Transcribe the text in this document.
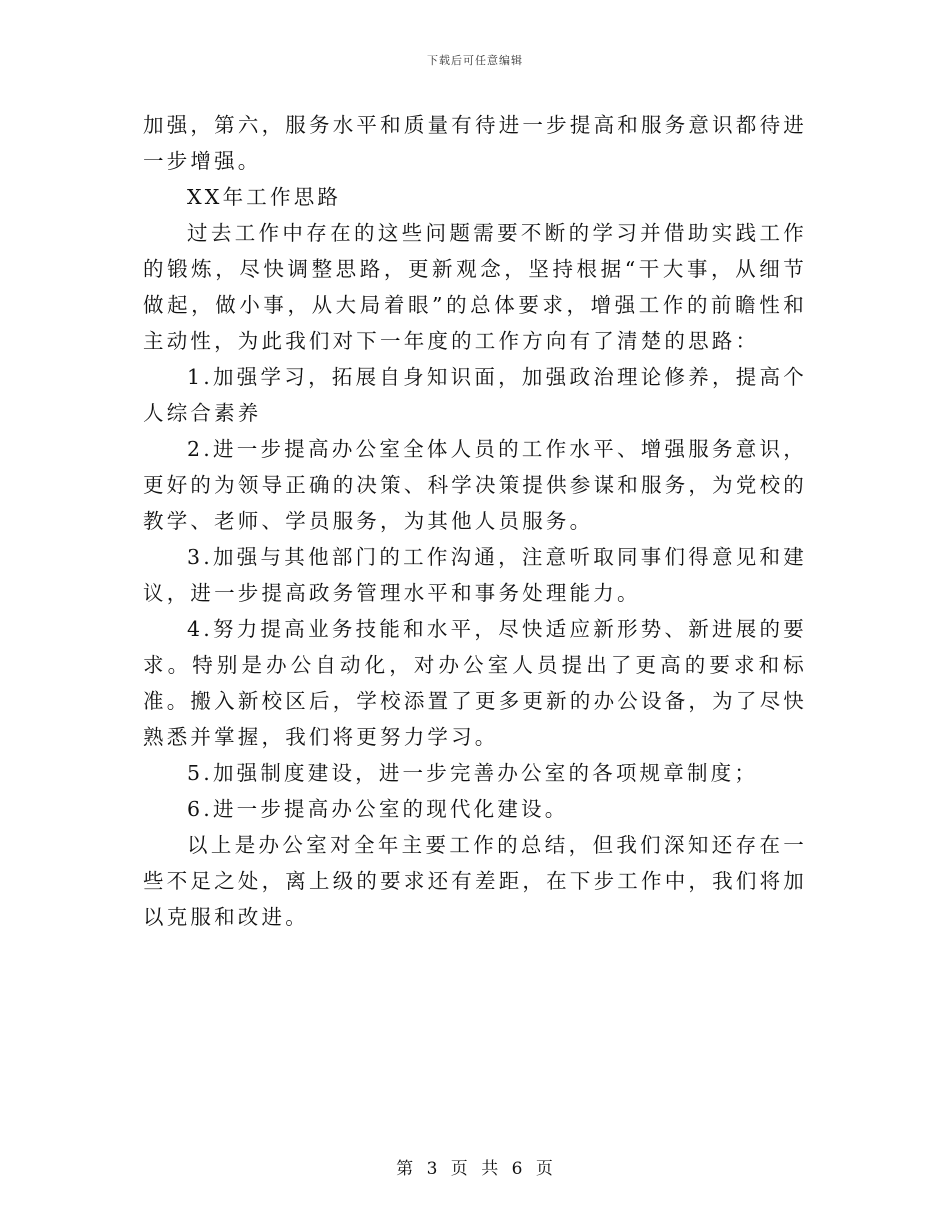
下载后可任意编辑

加强，第六，服务水平和质量有待进一步提高和服务意识都待进一步增强。

XX年工作思路

过去工作中存在的这些问题需要不断的学习并借助实践工作的锻炼，尽快调整思路，更新观念，坚持根据“干大事，从细节做起，做小事，从大局着眼”的总体要求，增强工作的前瞻性和主动性，为此我们对下一年度的工作方向有了清楚的思路：

1.加强学习，拓展自身知识面，加强政治理论修养，提高个人综合素养

2.进一步提高办公室全体人员的工作水平、增强服务意识，更好的为领导正确的决策、科学决策提供参谋和服务，为党校的教学、老师、学员服务，为其他人员服务。

3.加强与其他部门的工作沟通，注意听取同事们得意见和建议，进一步提高政务管理水平和事务处理能力。

4.努力提高业务技能和水平，尽快适应新形势、新进展的要求。特别是办公自动化，对办公室人员提出了更高的要求和标准。搬入新校区后，学校添置了更多更新的办公设备，为了尽快熟悉并掌握，我们将更努力学习。

5.加强制度建设，进一步完善办公室的各项规章制度；

6.进一步提高办公室的现代化建设。

以上是办公室对全年主要工作的总结，但我们深知还存在一些不足之处，离上级的要求还有差距，在下步工作中，我们将加以克服和改进。

第 3 页 共 6 页
